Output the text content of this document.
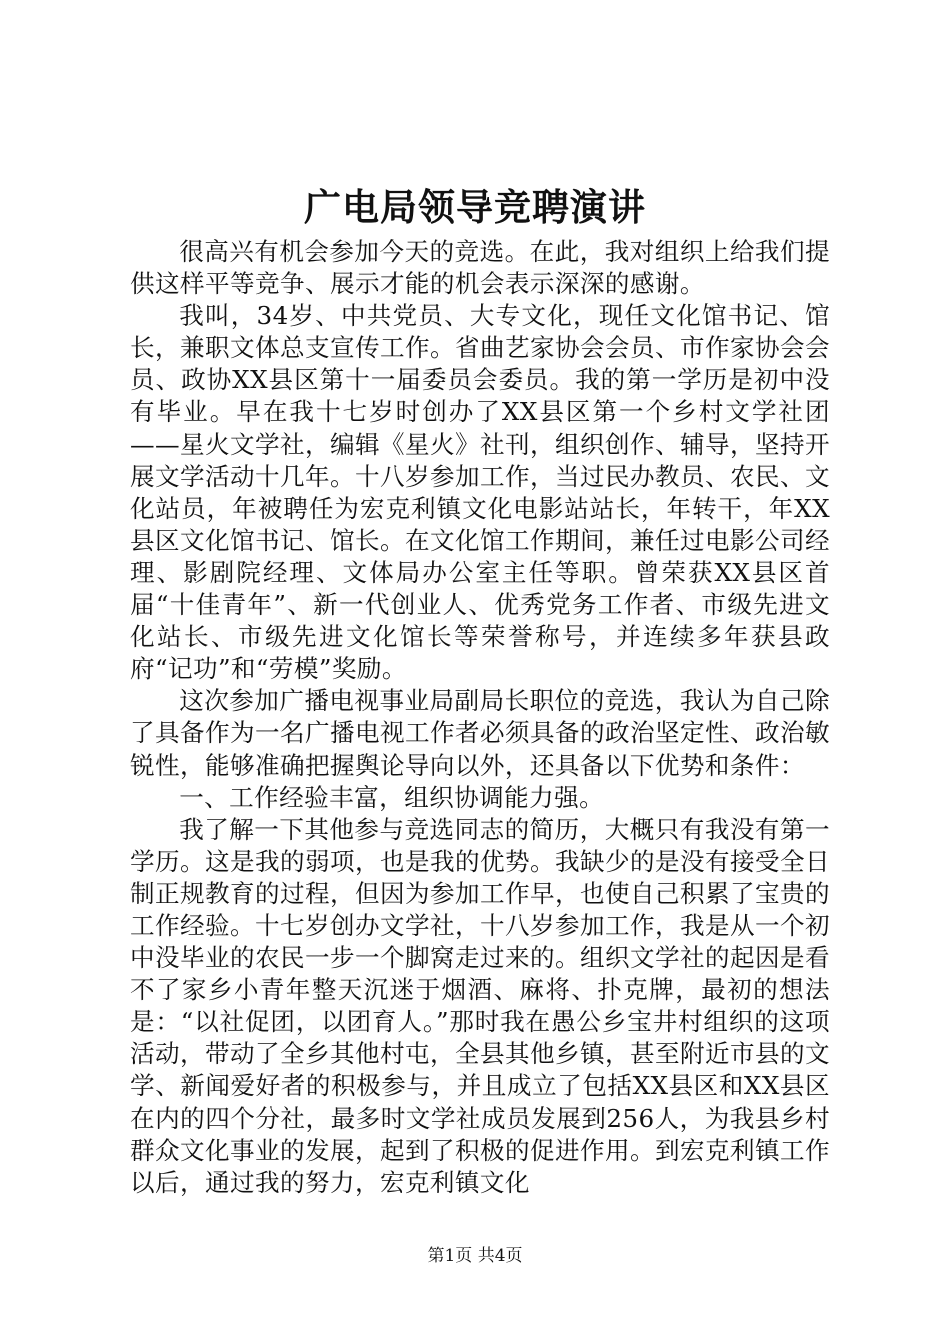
广电局领导竞聘演讲

很高兴有机会参加今天的竞选。在此，我对组织上给我们提供这样平等竞争、展示才能的机会表示深深的感谢。

我叫，34岁、中共党员、大专文化，现任文化馆书记、馆长，兼职文体总支宣传工作。省曲艺家协会会员、市作家协会会员、政协XX县区第十一届委员会委员。我的第一学历是初中没有毕业。早在我十七岁时创办了XX县区第一个乡村文学社团——星火文学社，编辑《星火》社刊，组织创作、辅导，坚持开展文学活动十几年。十八岁参加工作，当过民办教员、农民、文化站员，年被聘任为宏克利镇文化电影站站长，年转干，年XX县区文化馆书记、馆长。在文化馆工作期间，兼任过电影公司经理、影剧院经理、文体局办公室主任等职。曾荣获XX县区首届“十佳青年”、新一代创业人、优秀党务工作者、市级先进文化站长、市级先进文化馆长等荣誉称号，并连续多年获县政府“记功”和“劳模”奖励。

这次参加广播电视事业局副局长职位的竞选，我认为自己除了具备作为一名广播电视工作者必须具备的政治坚定性、政治敏锐性，能够准确把握舆论导向以外，还具备以下优势和条件：

一、工作经验丰富，组织协调能力强。

我了解一下其他参与竞选同志的简历，大概只有我没有第一学历。这是我的弱项，也是我的优势。我缺少的是没有接受全日制正规教育的过程，但因为参加工作早，也使自己积累了宝贵的工作经验。十七岁创办文学社，十八岁参加工作，我是从一个初中没毕业的农民一步一个脚窝走过来的。组织文学社的起因是看不了家乡小青年整天沉迷于烟酒、麻将、扑克牌，最初的想法是：“以社促团，以团育人。”那时我在愚公乡宝井村组织的这项活动，带动了全乡其他村屯，全县其他乡镇，甚至附近市县的文学、新闻爱好者的积极参与，并且成立了包括XX县区和XX县区在内的四个分社，最多时文学社成员发展到256人，为我县乡村群众文化事业的发展，起到了积极的促进作用。到宏克利镇工作以后，通过我的努力，宏克利镇文化

第1页 共4页
